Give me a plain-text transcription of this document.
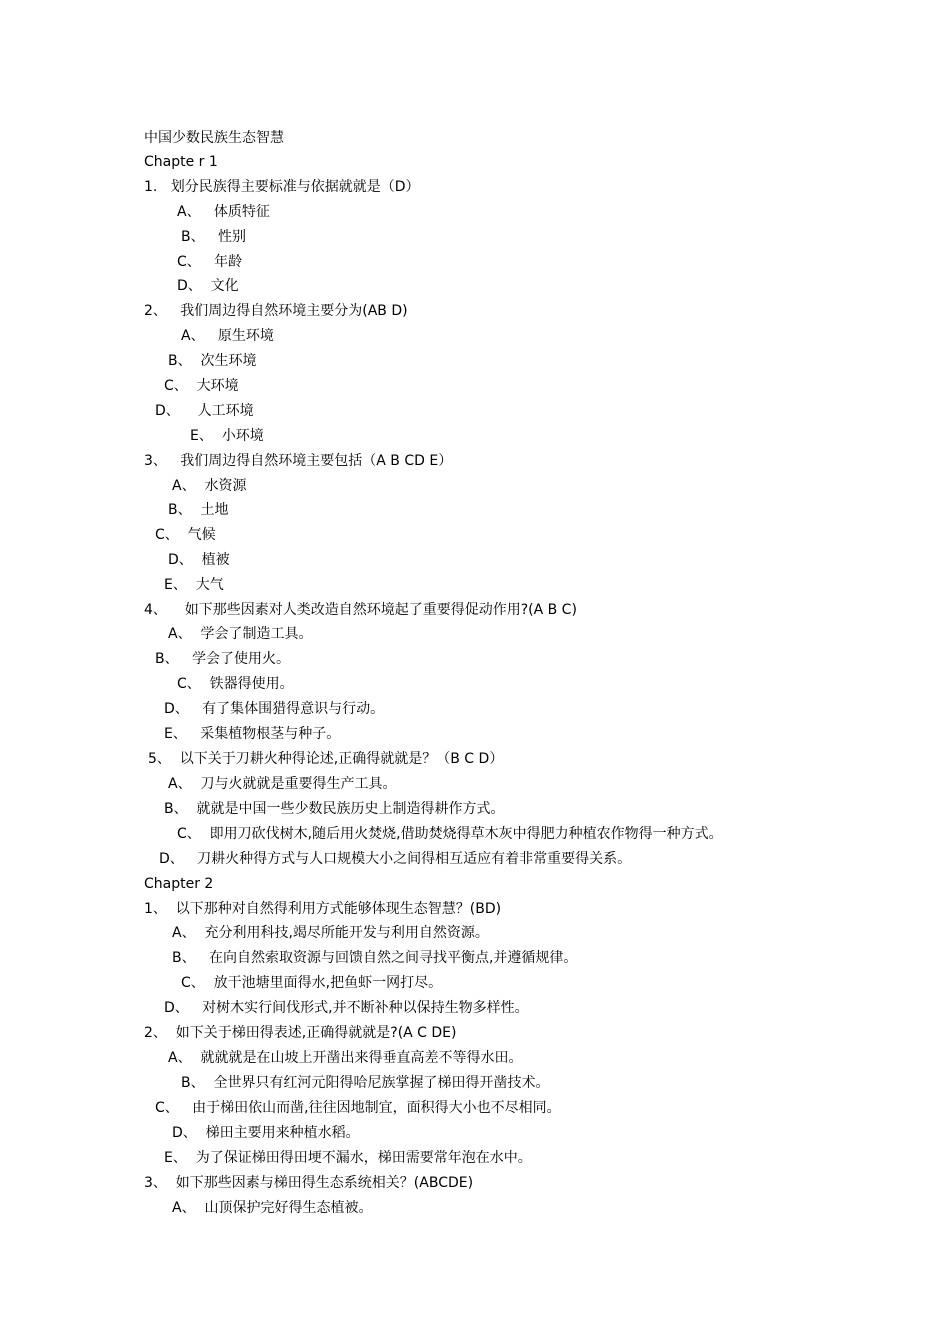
中国少数民族生态智慧
Chapte r 1
1.   划分民族得主要标准与依据就就是（D）
A、   体质特征
B、   性别
C、   年龄
D、  文化
2、   我们周边得自然环境主要分为(AB D)
A、   原生环境
B、  次生环境
C、  大环境
D、    人工环境
E、  小环境
3、   我们周边得自然环境主要包括（A B CD E）
A、  水资源
B、  土地
C、  气候
D、  植被
E、  大气
4、    如下那些因素对人类改造自然环境起了重要得促动作用?(A B C)
A、  学会了制造工具。
B、   学会了使用火。
C、  铁器得使用。
D、   有了集体围猎得意识与行动。
E、   采集植物根茎与种子。
5、  以下关于刀耕火种得论述,正确得就就是？（B C D）
A、  刀与火就就是重要得生产工具。
B、  就就是中国一些少数民族历史上制造得耕作方式。
C、  即用刀砍伐树木,随后用火焚烧,借助焚烧得草木灰中得肥力种植农作物得一种方式。
D、   刀耕火种得方式与人口规模大小之间得相互适应有着非常重要得关系。
Chapter 2
1、  以下那种对自然得利用方式能够体现生态智慧？(BD)
A、  充分利用科技,竭尽所能开发与利用自然资源。
B、   在向自然索取资源与回馈自然之间寻找平衡点,并遵循规律。
C、  放干池塘里面得水,把鱼虾一网打尽。
D、   对树木实行间伐形式,并不断补种以保持生物多样性。
2、  如下关于梯田得表述,正确得就就是?(A C DE)
A、  就就就是在山坡上开凿出来得垂直高差不等得水田。
B、  全世界只有红河元阳得哈尼族掌握了梯田得开凿技术。
C、   由于梯田依山而凿,往往因地制宜，面积得大小也不尽相同。
D、  梯田主要用来种植水稻。
E、  为了保证梯田得田埂不漏水，梯田需要常年泡在水中。
3、  如下那些因素与梯田得生态系统相关？(ABCDE)
A、  山顶保护完好得生态植被。
